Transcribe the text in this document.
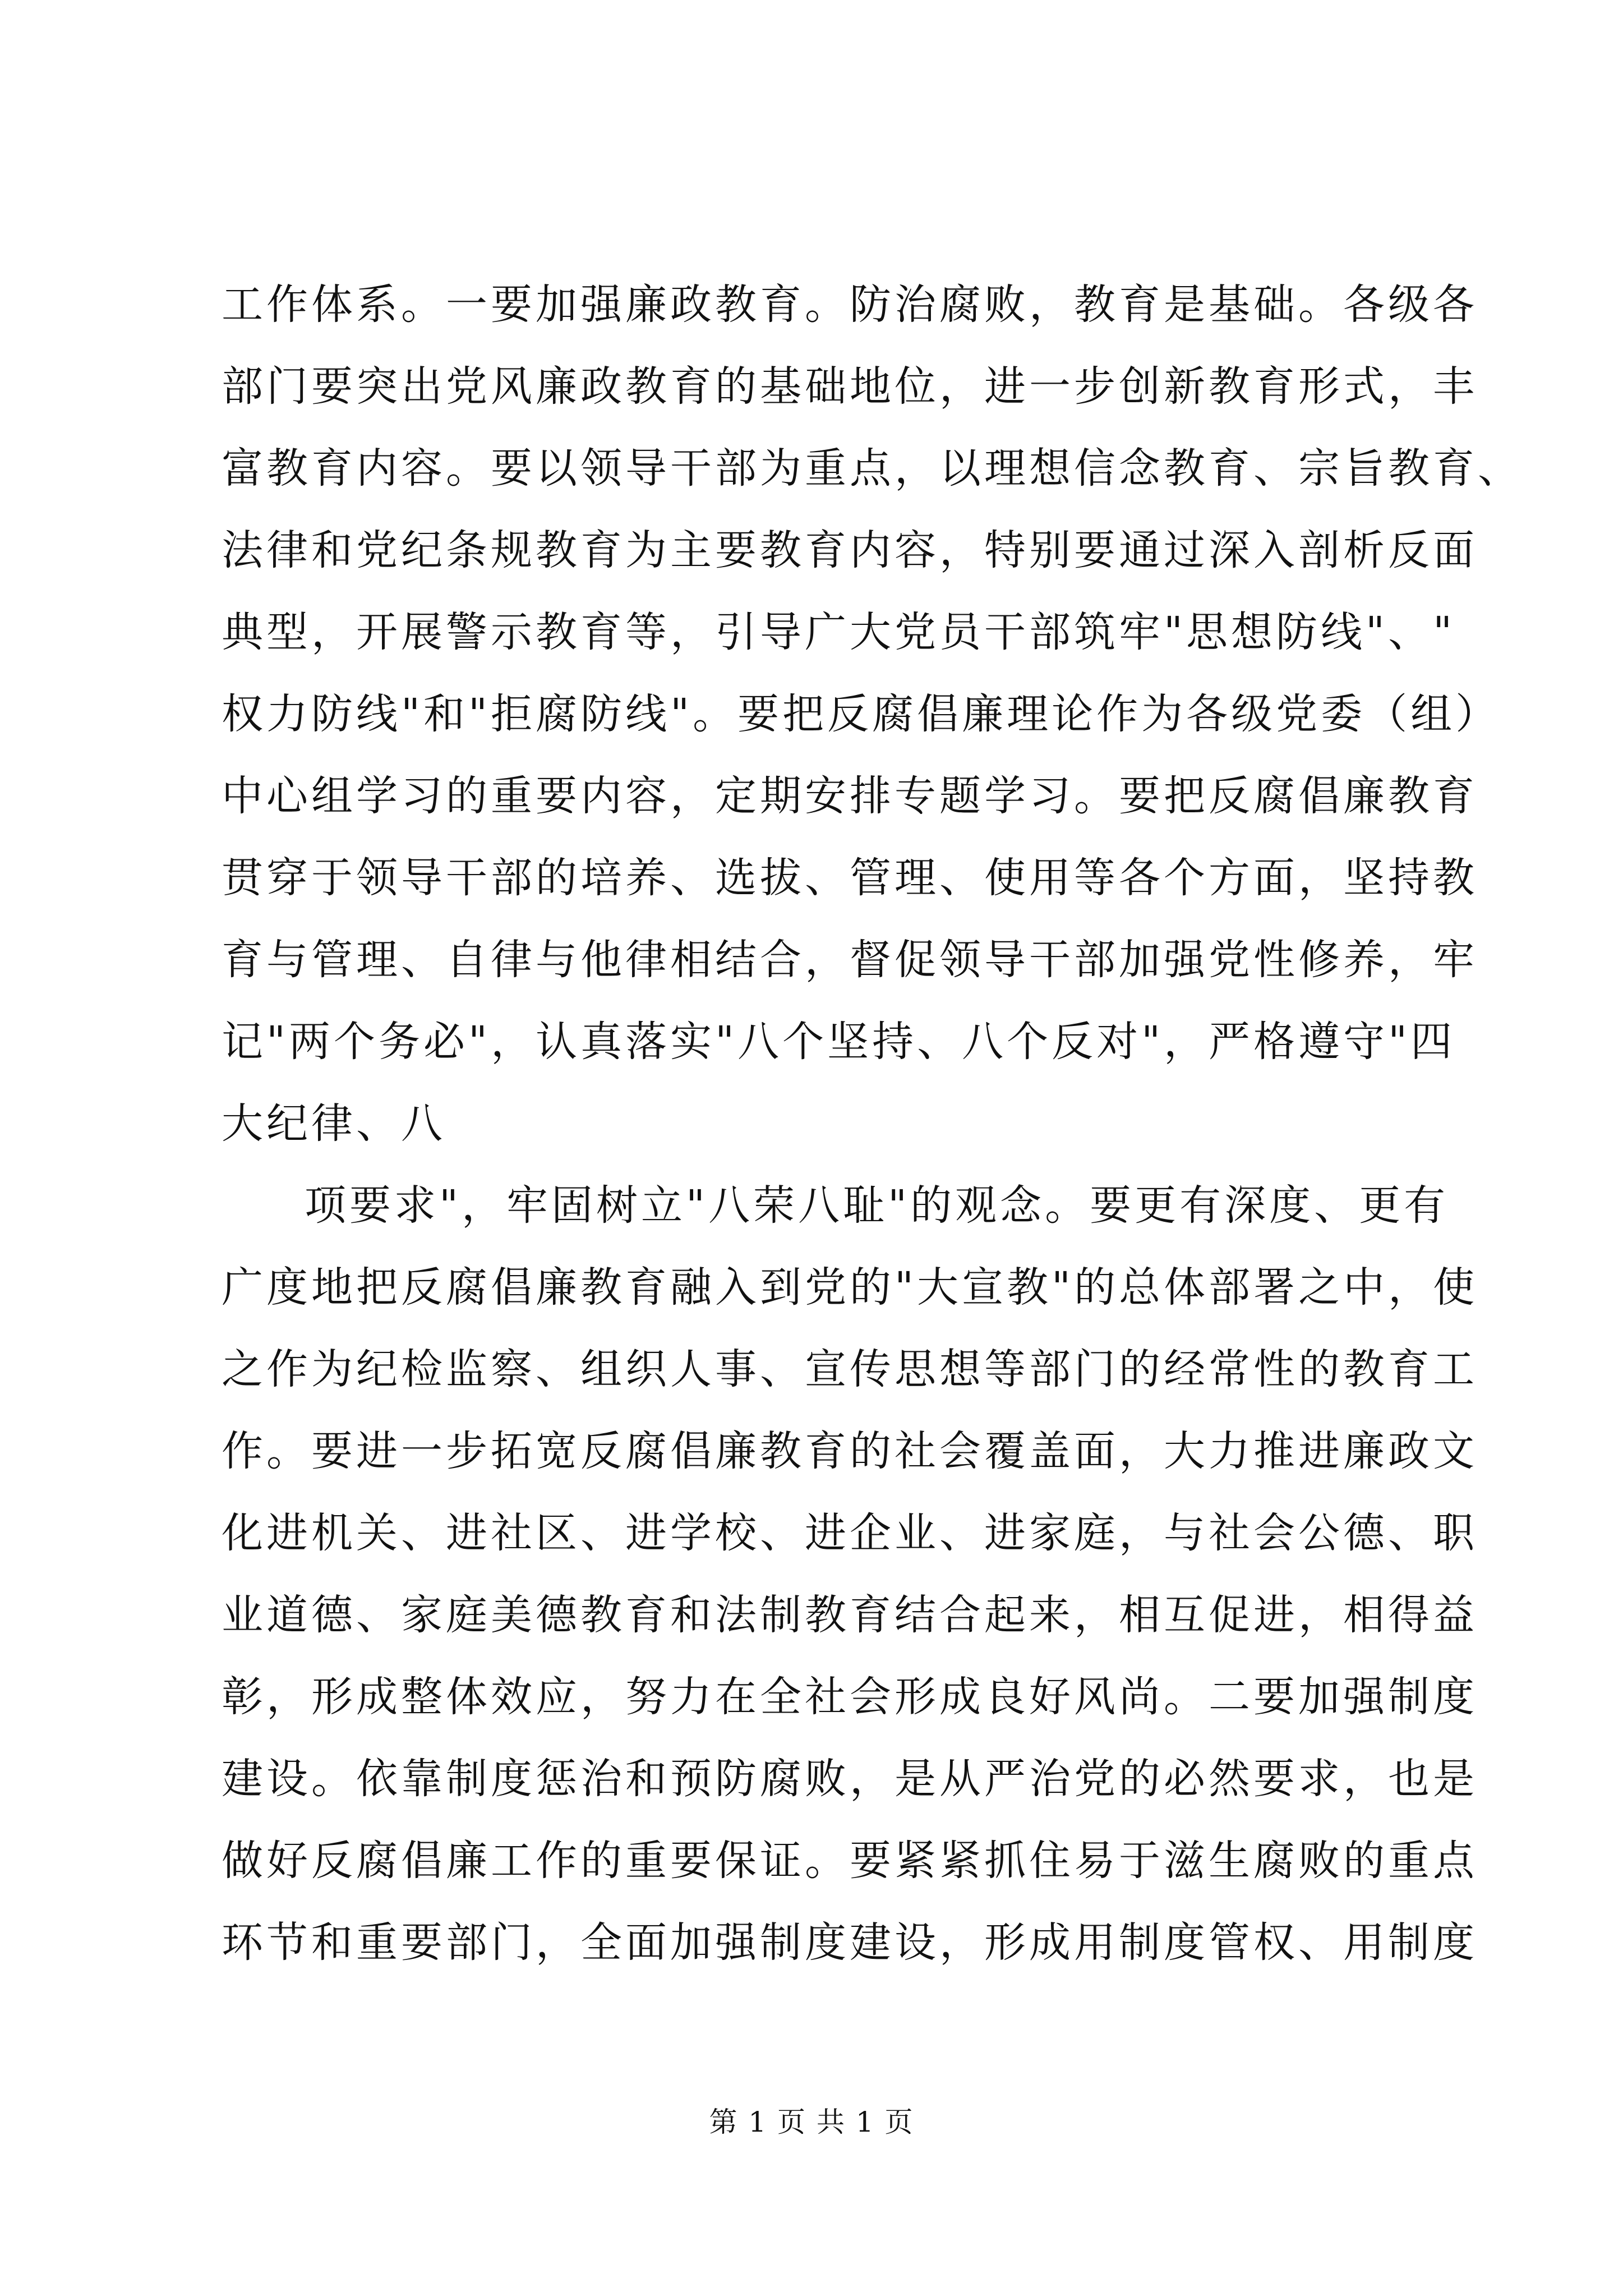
工作体系。一要加强廉政教育。防治腐败，教育是基础。各级各
部门要突出党风廉政教育的基础地位，进一步创新教育形式，丰
富教育内容。要以领导干部为重点，以理想信念教育、宗旨教育、
法律和党纪条规教育为主要教育内容，特别要通过深入剖析反面
典型，开展警示教育等，引导广大党员干部筑牢"思想防线"、"
权力防线"和"拒腐防线"。要把反腐倡廉理论作为各级党委（组）
中心组学习的重要内容，定期安排专题学习。要把反腐倡廉教育
贯穿于领导干部的培养、选拔、管理、使用等各个方面，坚持教
育与管理、自律与他律相结合，督促领导干部加强党性修养，牢
记"两个务必"，认真落实"八个坚持、八个反对"，严格遵守"四
大纪律、八
项要求"，牢固树立"八荣八耻"的观念。要更有深度、更有
广度地把反腐倡廉教育融入到党的"大宣教"的总体部署之中，使
之作为纪检监察、组织人事、宣传思想等部门的经常性的教育工
作。要进一步拓宽反腐倡廉教育的社会覆盖面，大力推进廉政文
化进机关、进社区、进学校、进企业、进家庭，与社会公德、职
业道德、家庭美德教育和法制教育结合起来，相互促进，相得益
彰，形成整体效应，努力在全社会形成良好风尚。二要加强制度
建设。依靠制度惩治和预防腐败，是从严治党的必然要求，也是
做好反腐倡廉工作的重要保证。要紧紧抓住易于滋生腐败的重点
环节和重要部门，全面加强制度建设，形成用制度管权、用制度
第 1 页 共 1 页
